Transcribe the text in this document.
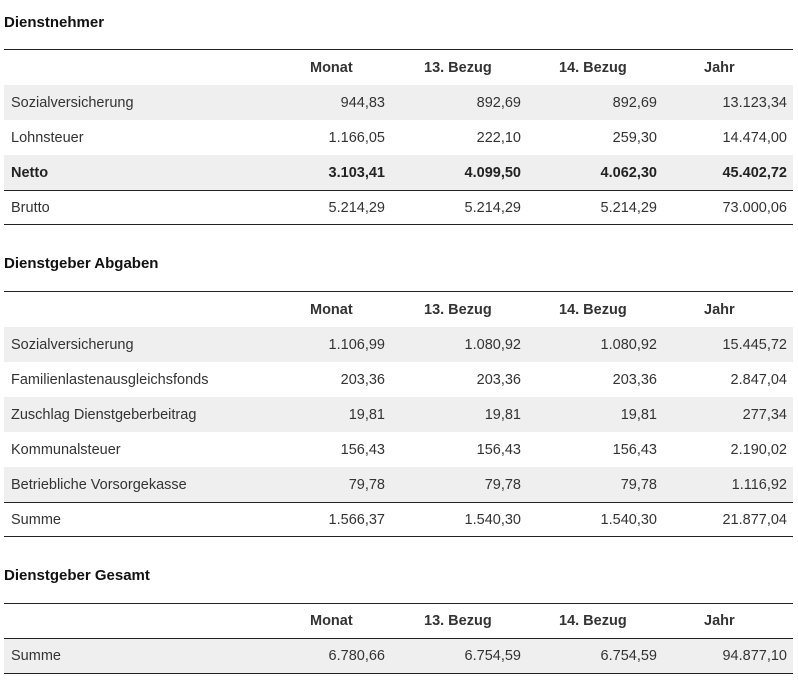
Dienstnehmer
Monat	13. Bezug	14. Bezug	Jahr
Sozialversicherung	944,83	892,69	892,69	13.123,34
Lohnsteuer	1.166,05	222,10	259,30	14.474,00
Netto	3.103,41	4.099,50	4.062,30	45.402,72
Brutto	5.214,29	5.214,29	5.214,29	73.000,06
Dienstgeber Abgaben
Monat	13. Bezug	14. Bezug	Jahr
Sozialversicherung	1.106,99	1.080,92	1.080,92	15.445,72
Familienlastenausgleichsfonds	203,36	203,36	203,36	2.847,04
Zuschlag Dienstgeberbeitrag	19,81	19,81	19,81	277,34
Kommunalsteuer	156,43	156,43	156,43	2.190,02
Betriebliche Vorsorgekasse	79,78	79,78	79,78	1.116,92
Summe	1.566,37	1.540,30	1.540,30	21.877,04
Dienstgeber Gesamt
Monat	13. Bezug	14. Bezug	Jahr
Summe	6.780,66	6.754,59	6.754,59	94.877,10
